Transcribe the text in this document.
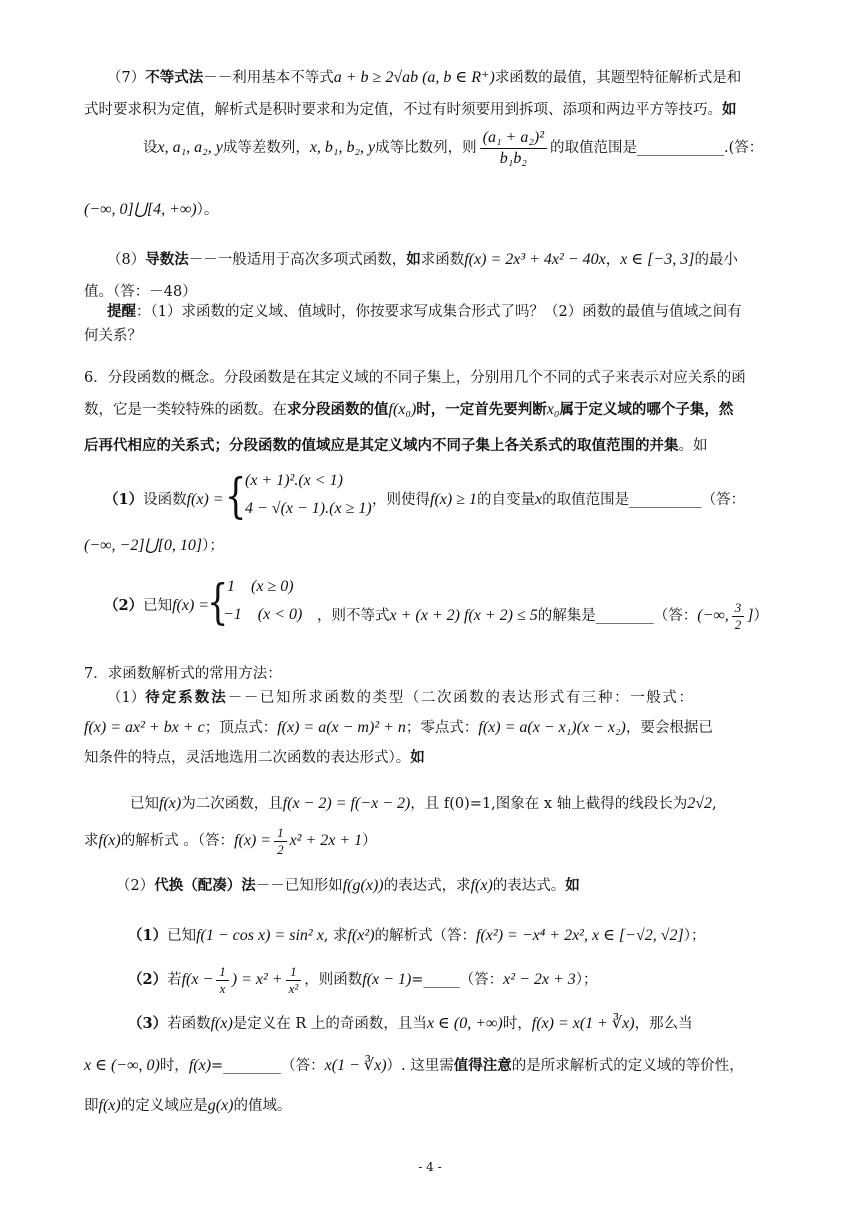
（7）不等式法－－利用基本不等式a + b ≥ 2√ab (a, b ∈ R⁺)求函数的最值，其题型特征解析式是和
式时要求积为定值，解析式是积时要求和为定值，不过有时须要用到拆项、添项和两边平方等技巧。如
设x, a₁, a₂, y成等差数列，x, b₁, b₂, y成等比数列，则 $\frac{\text{(a₁ + a₂)²}}{\text{b₁b₂}}$ 的取值范围是____________.(答：
(−∞, 0]⋃[4, +∞)）。
（8）导数法－－一般适用于高次多项式函数，如求函数f(x) = 2x³ + 4x² − 40x，x ∈ [−3, 3]的最小
值。（答：－48）
提醒：（1）求函数的定义域、值域时，你按要求写成集合形式了吗？（2）函数的最值与值域之间有
何关系？
6．分段函数的概念。分段函数是在其定义域的不同子集上，分别用几个不同的式子来表示对应关系的函
数，它是一类较特殊的函数。在求分段函数的值f(x₀)时，一定首先要判断x₀属于定义域的哪个子集，然
后再代相应的关系式；分段函数的值域应是其定义域内不同子集上各关系式的取值范围的并集。如
（1）设函数f(x) = {
(x + 1)².(x < 1)
4 − √(x − 1).(x ≥ 1) ，则使得f(x) ≥ 1的自变量x的取值范围是__________（答：
(−∞, −2]⋃[0, 10]）；
（2）已知f(x) =
{
1    (x ≥ 0)
−1    (x < 0) ，则不等式x + (x + 2) f(x + 2) ≤ 5的解集是________（答：(−∞, $\frac{3}{2}$ ]）
7．求函数解析式的常用方法：
（1）待定系数法－－已知所求函数的类型（二次函数的表达形式有三种：一般式：
f(x) = ax² + bx + c；顶点式：f(x) = a(x − m)² + n；零点式：f(x) = a(x − x₁)(x − x₂)，要会根据已
知条件的特点，灵活地选用二次函数的表达形式）。如
已知f(x)为二次函数，且f(x − 2) = f(−x − 2)，且 f(0)=1,图象在 x 轴上截得的线段长为2√2,
求f(x)的解析式 。（答：$f(x) = \frac{1}{2} x^2 + 2x + 1$）
（2）代换（配凑）法－－已知形如f(g(x))的表达式，求f(x)的表达式。如
（1）已知f(1 − cos x) = sin² x, 求f(x²)的解析式（答：f(x²) = −x⁴ + 2x², x ∈ [−√2, √2]）；
（2）若$f(x - \frac{1}{x}$ ) = $x^2 + \frac{1}{\text{x²}}$ ，则函数f(x − 1)=_____（答：x² − 2x + 3）；
（3）若函数f(x)是定义在 R 上的奇函数，且当x ∈ (0, +∞)时，f(x) = x(1 + ∛x)，那么当
x ∈ (−∞, 0)时，f(x)=________（答：x(1 − ∛x)）. 这里需值得注意的是所求解析式的定义域的等价性，
即f(x)的定义域应是g(x)的值域。
- 4 -
